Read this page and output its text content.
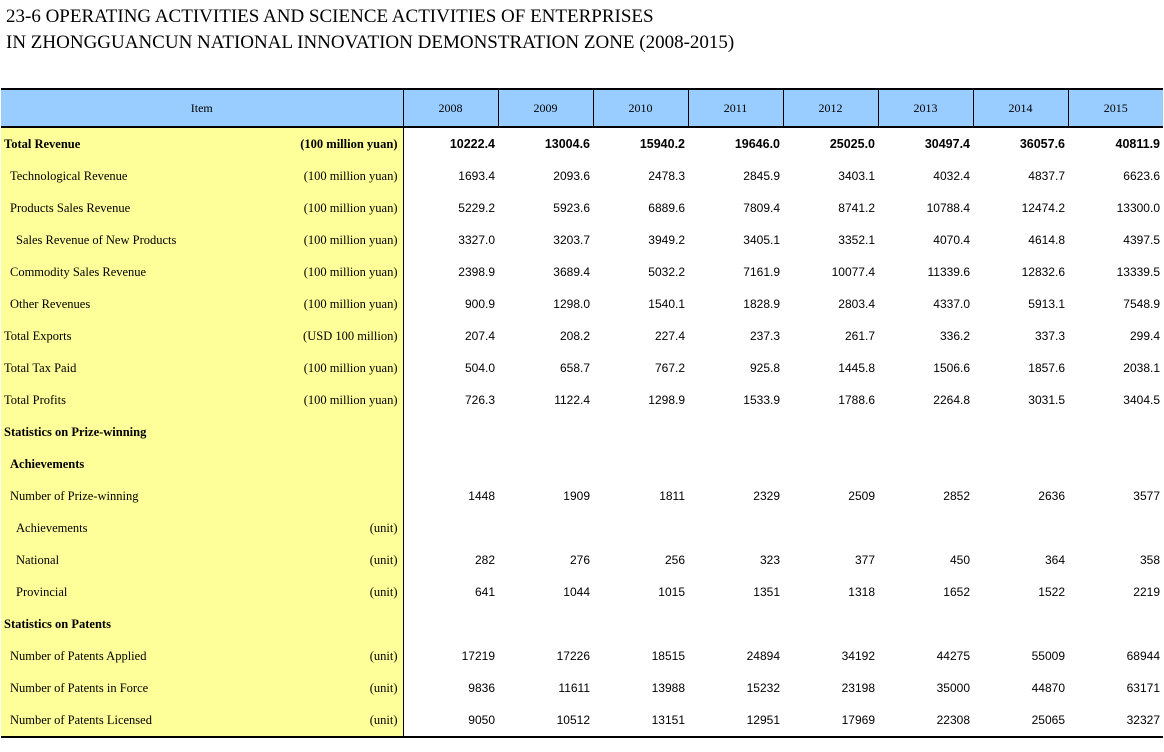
23-6 OPERATING ACTIVITIES AND SCIENCE ACTIVITIES OF ENTERPRISES
IN ZHONGGUANCUN NATIONAL INNOVATION DEMONSTRATION ZONE (2008-2015)
Item	2008	2009	2010	2011	2012	2013	2014	2015

Total Revenue (100 million yuan)	10222.4	13004.6	15940.2	19646.0	25025.0	30497.4	36057.6	40811.9

Technological Revenue (100 million yuan)	1693.4	2093.6	2478.3	2845.9	3403.1	4032.4	4837.7	6623.6

Products Sales Revenue (100 million yuan)	5229.2	5923.6	6889.6	7809.4	8741.2	10788.4	12474.2	13300.0

Sales Revenue of New Products (100 million yuan)	3327.0	3203.7	3949.2	3405.1	3352.1	4070.4	4614.8	4397.5

Commodity Sales Revenue (100 million yuan)	2398.9	3689.4	5032.2	7161.9	10077.4	11339.6	12832.6	13339.5

Other Revenues (100 million yuan)	900.9	1298.0	1540.1	1828.9	2803.4	4337.0	5913.1	7548.9

Total Exports (USD 100 million)	207.4	208.2	227.4	237.3	261.7	336.2	337.3	299.4

Total Tax Paid (100 million yuan)	504.0	658.7	767.2	925.8	1445.8	1506.6	1857.6	2038.1

Total Profits (100 million yuan)	726.3	1122.4	1298.9	1533.9	1788.6	2264.8	3031.5	3404.5

Statistics on Prize-winning								

Achievements								

Number of Prize-winning	1448	1909	1811	2329	2509	2852	2636	3577

Achievements (unit)								

National (unit)	282	276	256	323	377	450	364	358

Provincial (unit)	641	1044	1015	1351	1318	1652	1522	2219

Statistics on Patents								

Number of Patents Applied (unit)	17219	17226	18515	24894	34192	44275	55009	68944

Number of Patents in Force (unit)	9836	11611	13988	15232	23198	35000	44870	63171

Number of Patents Licensed (unit)	9050	10512	13151	12951	17969	22308	25065	32327
